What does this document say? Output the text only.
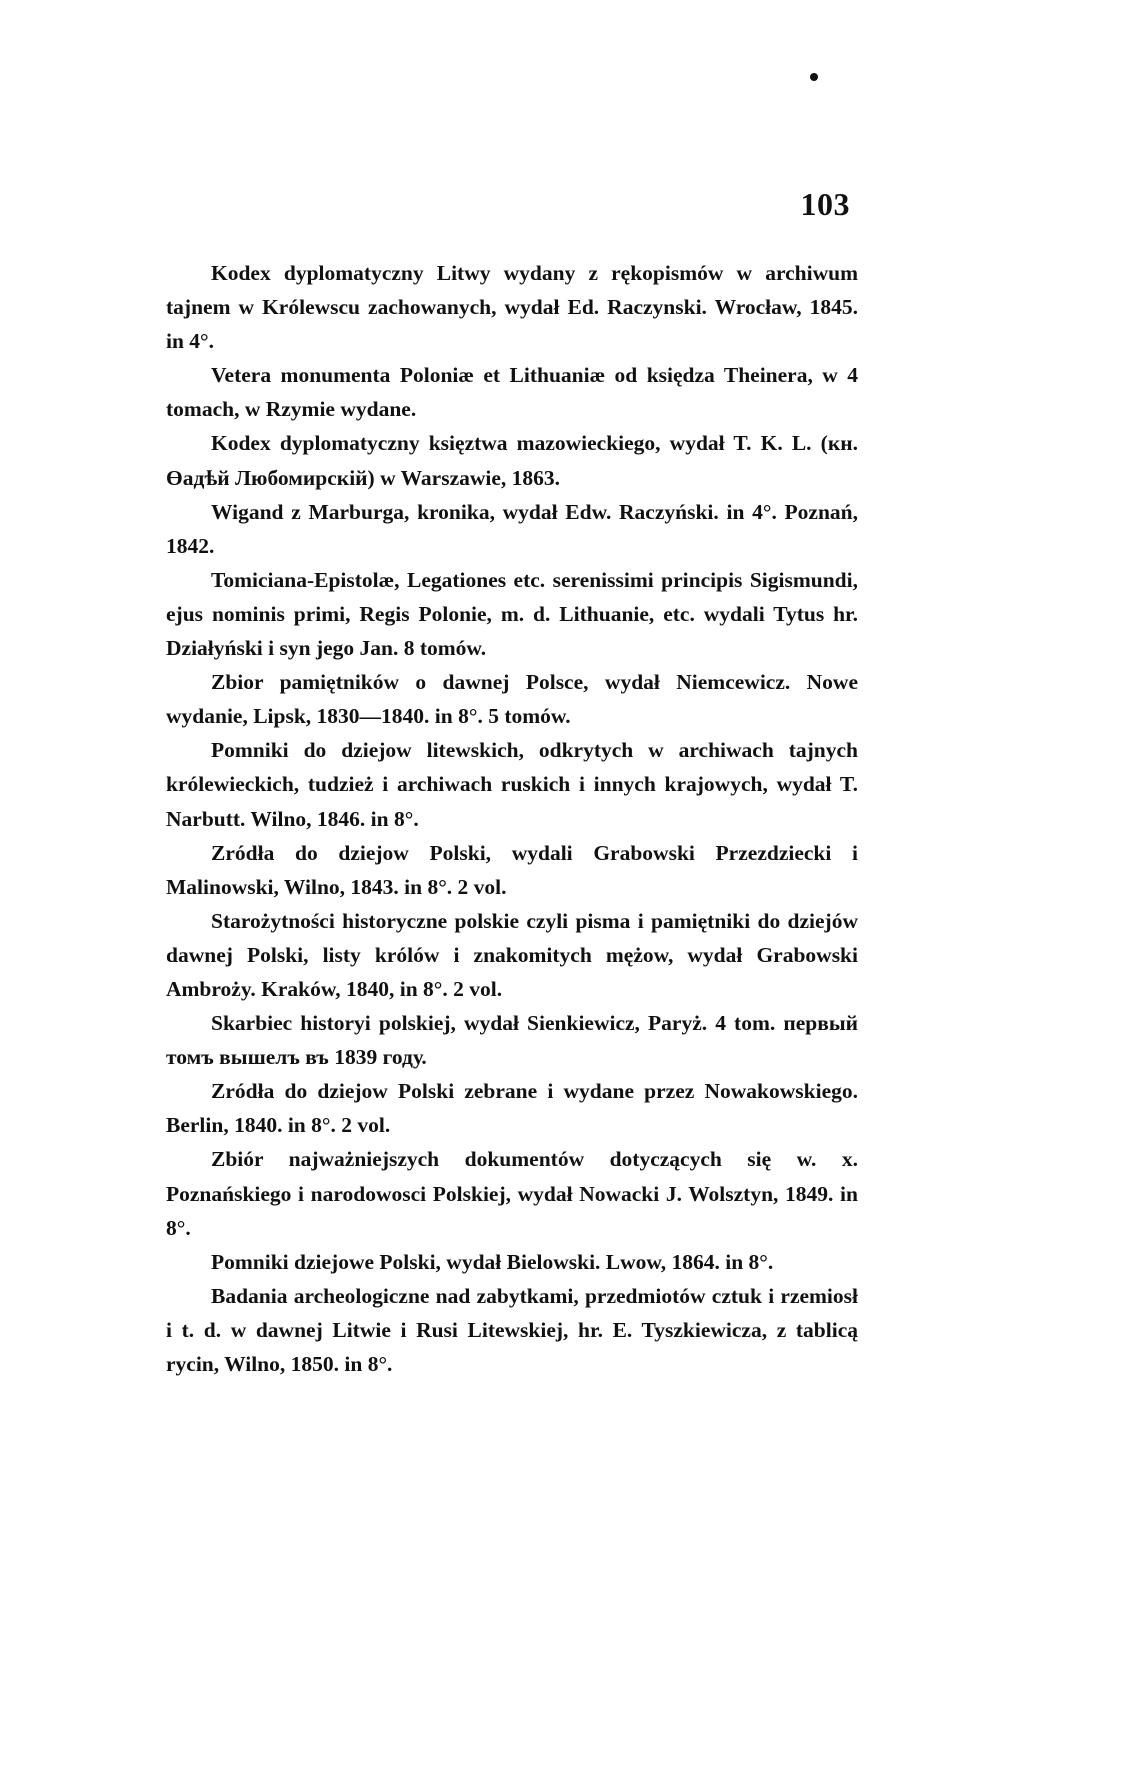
103

Kodex dyplomatyczny Litwy wydany z rękopismów w archiwum tajnem w Królewscu zachowanych, wydał Ed. Raczynski. Wrocław, 1845. in 4°.

Vetera monumenta Poloniæ et Lithuaniæ od księdza Theinera, w 4 tomach, w Rzymie wydane.

Kodex dyplomatyczny księztwa mazowieckiego, wydał T. K. L. (кн. Өадѣй Любомирскій) w Warszawie, 1863.

Wigand z Marburga, kronika, wydał Edw. Raczyński. in 4°. Poznań, 1842.

Tomiciana-Epistolæ, Legationes etc. serenissimi principis Sigismundi, ejus nominis primi, Regis Polonie, m. d. Lithuanie, etc. wydali Tytus hr. Działyński i syn jego Jan. 8 tomów.

Zbior pamiętników o dawnej Polsce, wydał Niemcewicz. Nowe wydanie, Lipsk, 1830—1840. in 8°. 5 tomów.

Pomniki do dziejow litewskich, odkrytych w archiwach tajnych królewieckich, tudzież i archiwach ruskich i innych krajowych, wydał T. Narbutt. Wilno, 1846. in 8°.

Zródła do dziejow Polski, wydali Grabowski Przezdziecki i Malinowski, Wilno, 1843. in 8°. 2 vol.

Starożytności historyczne polskie czyli pisma i pamiętniki do dziejów dawnej Polski, listy królów i znakomitych mężow, wydał Grabowski Ambroży. Kraków, 1840, in 8°. 2 vol.

Skarbiec historyi polskiej, wydał Sienkiewicz, Paryż. 4 tom. первый томъ вышелъ въ 1839 году.

Zródła do dziejow Polski zebrane i wydane przez Nowakowskiego. Berlin, 1840. in 8°. 2 vol.

Zbiór najważniejszych dokumentów dotyczących się w. x. Poznańskiego i narodowosci Polskiej, wydał Nowacki J. Wolsztyn, 1849. in 8°.

Pomniki dziejowe Polski, wydał Bielowski. Lwow, 1864. in 8°.

Badania archeologiczne nad zabytkami, przedmiotów cztuk i rzemiosł i t. d. w dawnej Litwie i Rusi Litewskiej, hr. E. Tyszkiewicza, z tablicą rycin, Wilno, 1850. in 8°.
